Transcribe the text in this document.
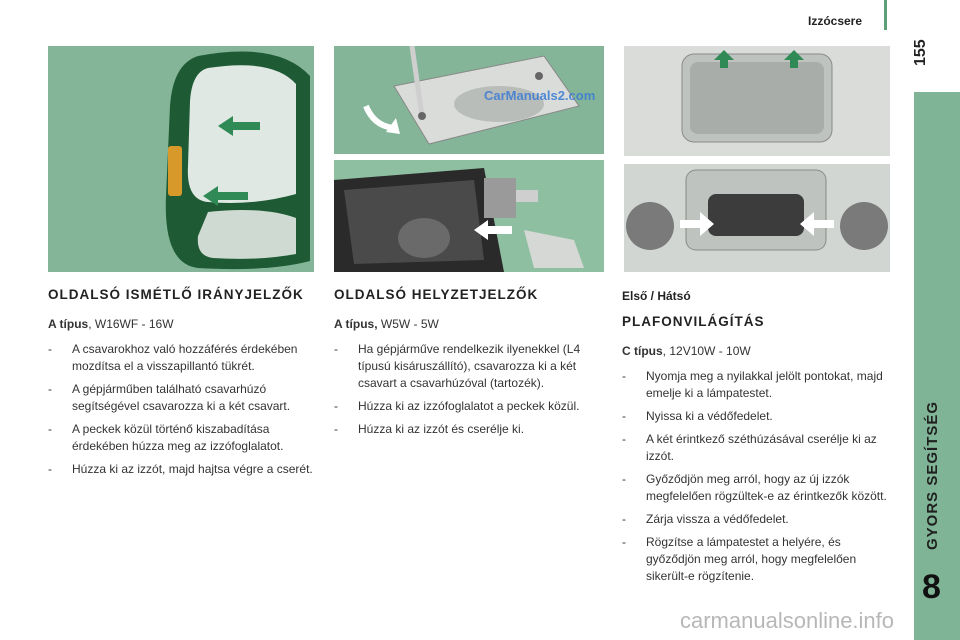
Izzócsere
155
GYORS SEGÍTSÉG
8
CarManuals2.com
OLDALSÓ ISMÉTLŐ IRÁNYJELZŐK
A típus, W16WF - 16W
- A csavarokhoz való hozzáférés érdekében mozdítsa el a visszapillantó tükrét.
- A gépjárműben található csavarhúzó segítségével csavarozza ki a két csavart.
- A peckek közül történő kiszabadítása érdekében húzza meg az izzófoglalatot.
- Húzza ki az izzót, majd hajtsa végre a cserét.
OLDALSÓ HELYZETJELZŐK
A típus, W5W - 5W
- Ha gépjárműve rendelkezik ilyenekkel (L4 típusú kisáruszállító), csavarozza ki a két csavart a csavarhúzóval (tartozék).
- Húzza ki az izzófoglalatot a peckek közül.
- Húzza ki az izzót és cserélje ki.
Első / Hátsó
PLAFONVILÁGÍTÁS
C típus, 12V10W - 10W
- Nyomja meg a nyilakkal jelölt pontokat, majd emelje ki a lámpatestet.
- Nyissa ki a védőfedelet.
- A két érintkező széthúzásával cserélje ki az izzót.
- Győződjön meg arról, hogy az új izzók megfelelően rögzültek-e az érintkezők között.
- Zárja vissza a védőfedelet.
- Rögzítse a lámpatestet a helyére, és győződjön meg arról, hogy megfelelően sikerült-e rögzítenie.
carmanualsonline.info
